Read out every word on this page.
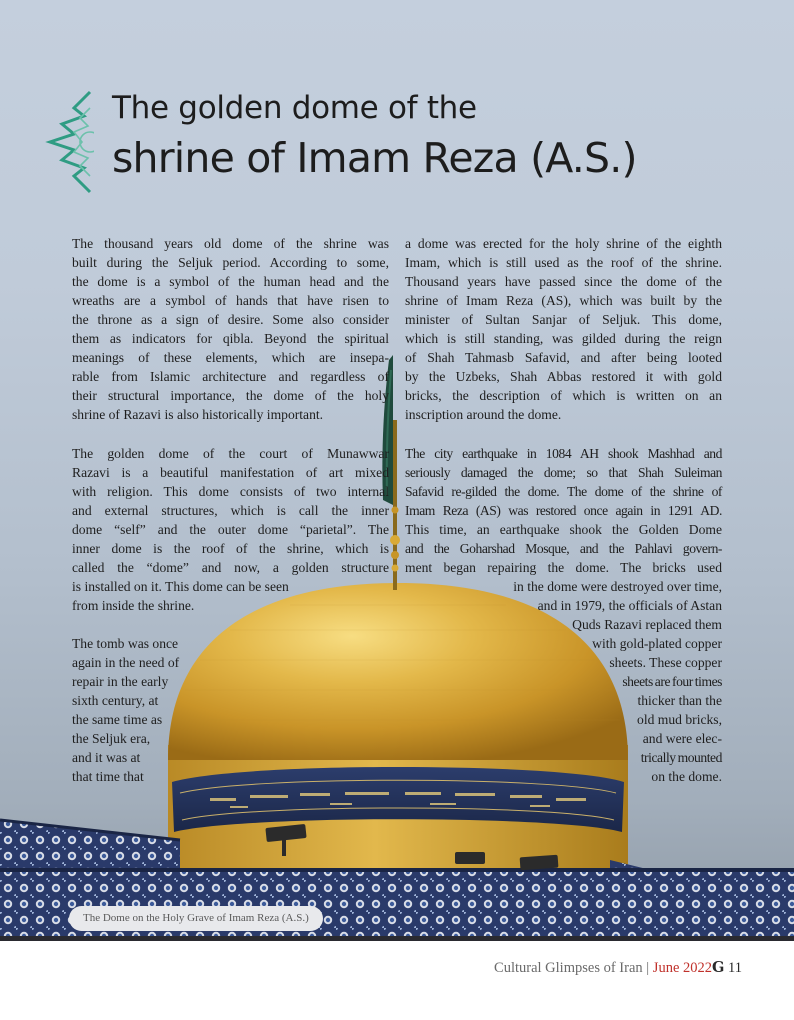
The golden dome of the
shrine of Imam Reza (A.S.)
The thousand years old dome of the shrine was
built during the Seljuk period. According to some,
the dome is a symbol of the human head and the
wreaths are a symbol of hands that have risen to
the throne as a sign of desire. Some also consider
them as indicators for qibla. Beyond the spiritual
meanings of these elements, which are insepa-
rable from Islamic architecture and regardless of
their structural importance, the dome of the holy
shrine of Razavi is also historically important.
The golden dome of the court of Munawwar
Razavi is a beautiful manifestation of art mixed
with religion. This dome consists of two internal
and external structures, which is call the inner
dome “self” and the outer dome “parietal”. The
inner dome is the roof of the shrine, which is
called the “dome” and now, a golden structure
is installed on it. This dome can be seen
from inside the shrine.
The tomb was once
again in the need of
repair in the early
sixth century, at
the same time as
the Seljuk era,
and it was at
that time that
a dome was erected for the holy shrine of the eighth
Imam, which is still used as the roof of the shrine.
Thousand years have passed since the dome of the
shrine of Imam Reza (AS), which was built by the
minister of Sultan Sanjar of Seljuk. This dome,
which is still standing, was gilded during the reign
of Shah Tahmasb Safavid, and after being looted
by the Uzbeks, Shah Abbas restored it with gold
bricks, the description of which is written on an
inscription around the dome.
The city earthquake in 1084 AH shook Mashhad and
seriously damaged the dome; so that Shah Suleiman
Safavid re-gilded the dome. The dome of the shrine of
Imam Reza (AS) was restored once again in 1291 AD.
This time, an earthquake shook the Golden Dome
and the Goharshad Mosque, and the Pahlavi govern-
ment began repairing the dome. The bricks used
in the dome were destroyed over time,
and in 1979, the officials of Astan
Quds Razavi replaced them
with gold-plated copper
sheets. These copper
sheets are four times
thicker than the
old mud bricks,
and were elec-
trically mounted
on the dome.
The Dome on the Holy Grave of Imam Reza (A.S.)
Cultural Glimpses of Iran | June 2022G 11
